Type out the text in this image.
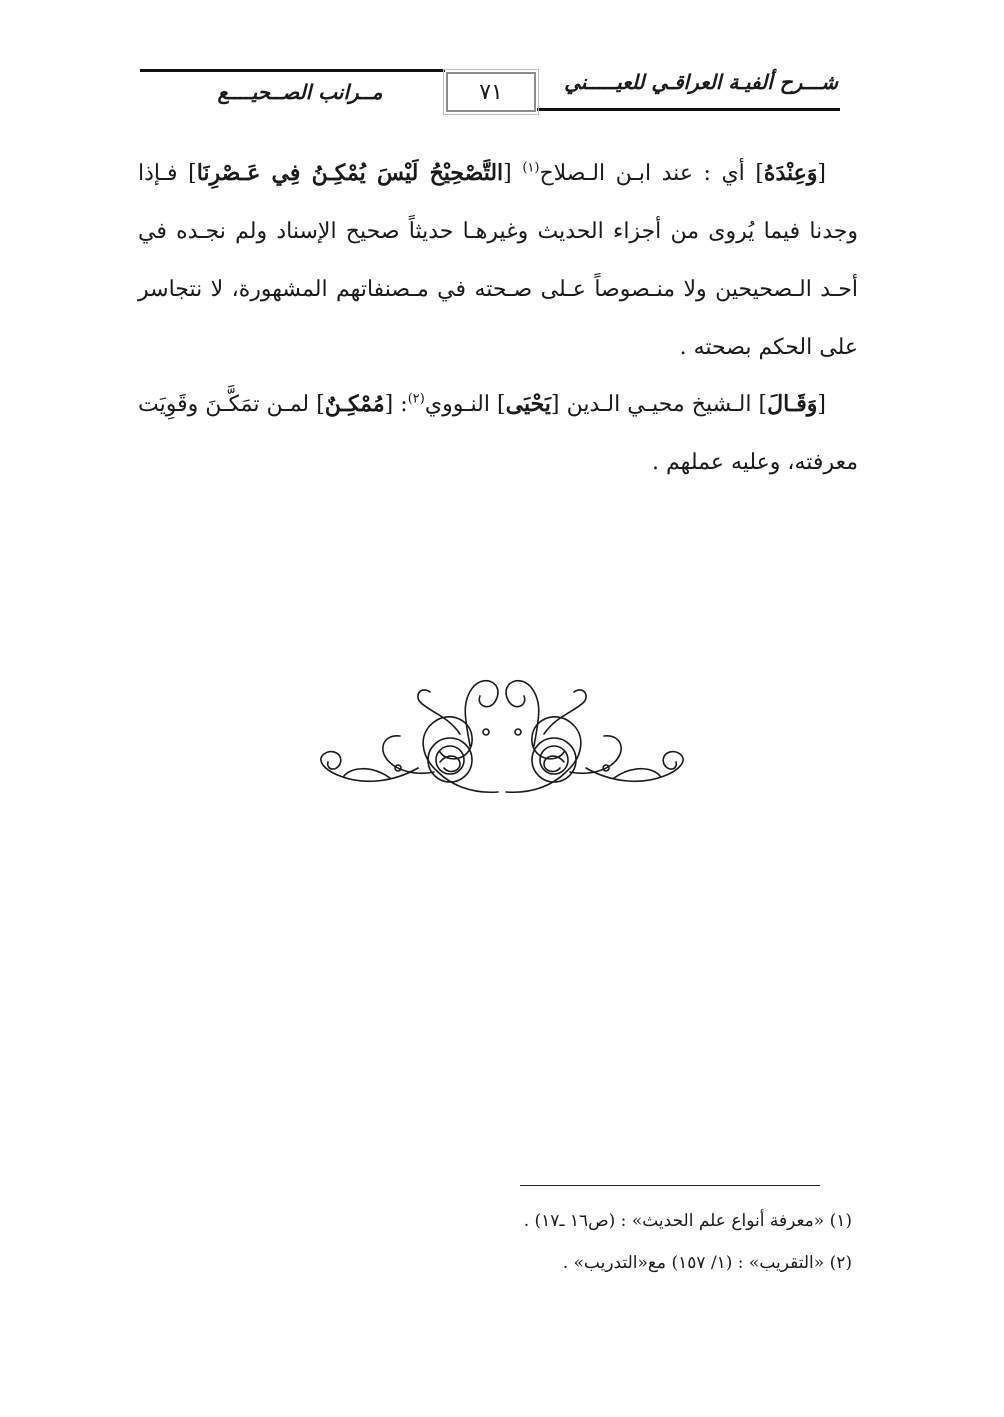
شـــرح ألفيـة العراقـي للعيـــــني
٧١
مــرانب الصــحيــــع

[وَعِنْدَهُ] أي : عند ابـن الـصلاح$^{(١)}$ [التَّصْحِيْحُ لَيْسَ يُمْكِـنُ فِي عَـصْرِنَا] فـإذا وجدنا فيما يُروى من أجزاء الحديث وغيرهـا حديثاً صحيح الإسناد ولم نجـده في أحـد الـصحيحين ولا منـصوصاً عـلى صـحته في مـصنفاتهم المشهورة، لا نتجاسر على الحكم بصحته .

[وَقَـالَ] الـشيخ محيـي الـدين [يَحْيَى] النـووي$^{(٢)}$: [مُمْكِـنٌ] لمـن تمَكَّـنَ وقَوِيَت معرفته، وعليه عملهم .

(١) «معرفة أنواع علم الحديث» : (ص١٦ ـ١٧) .

(٢) «التقريب» : (١/ ١٥٧) مع«التدريب» .
